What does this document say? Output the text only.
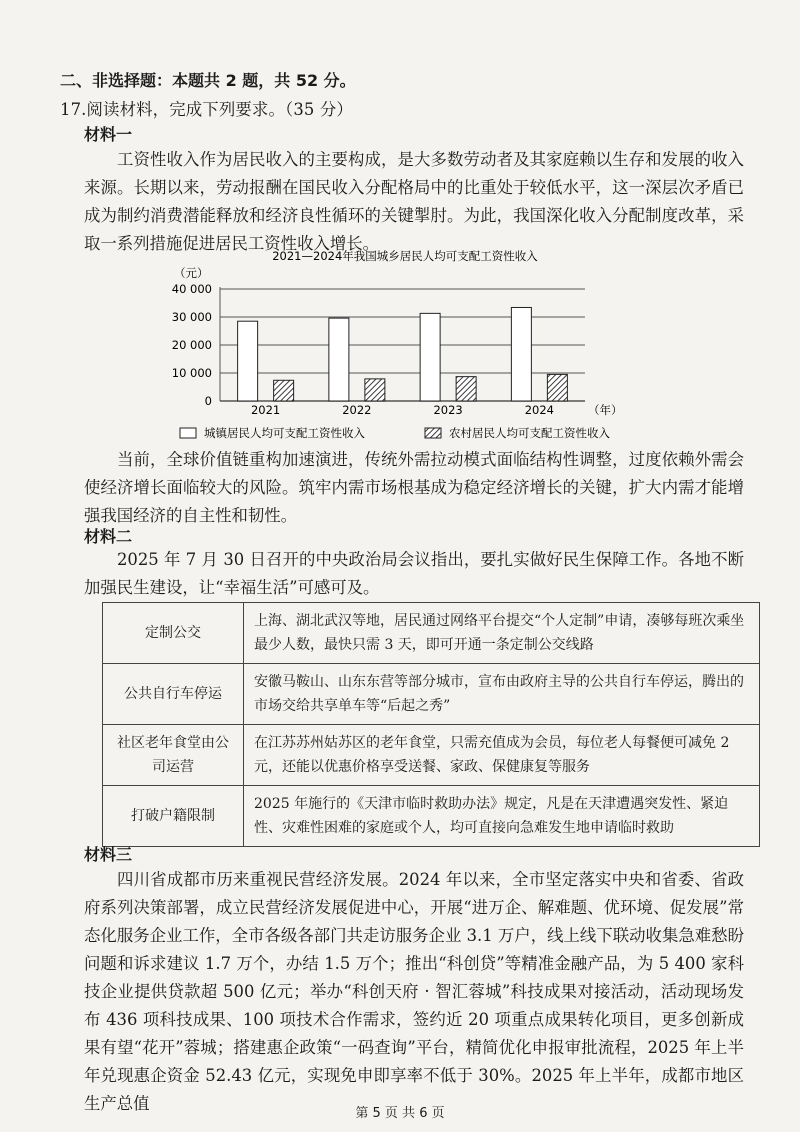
二、非选择题：本题共 2 题，共 52 分。
17.阅读材料，完成下列要求。（35 分）
材料一
工资性收入作为居民收入的主要构成，是大多数劳动者及其家庭赖以生存和发展的收入来源。长期以来，劳动报酬在国民收入分配格局中的比重处于较低水平，这一深层次矛盾已成为制约消费潜能释放和经济良性循环的关键掣肘。为此，我国深化收入分配制度改革，采取一系列措施促进居民工资性收入增长。
2021—2024年我国城乡居民人均可支配工资性收入
（元）
0
10 000
20 000
30 000
40 000
2021	2022	2023	2024	（年）
城镇居民人均可支配工资性收入	农村居民人均可支配工资性收入
当前，全球价值链重构加速演进，传统外需拉动模式面临结构性调整，过度依赖外需会使经济增长面临较大的风险。筑牢内需市场根基成为稳定经济增长的关键，扩大内需才能增强我国经济的自主性和韧性。
材料二
2025 年 7 月 30 日召开的中央政治局会议指出，要扎实做好民生保障工作。各地不断加强民生建设，让“幸福生活”可感可及。
定制公交	上海、湖北武汉等地，居民通过网络平台提交“个人定制”申请，凑够每班次乘坐最少人数，最快只需 3 天，即可开通一条定制公交线路
公共自行车停运	安徽马鞍山、山东东营等部分城市，宣布由政府主导的公共自行车停运，腾出的市场交给共享单车等“后起之秀”
社区老年食堂由公司运营	在江苏苏州姑苏区的老年食堂，只需充值成为会员，每位老人每餐便可减免 2 元，还能以优惠价格享受送餐、家政、保健康复等服务
打破户籍限制	2025 年施行的《天津市临时救助办法》规定，凡是在天津遭遇突发性、紧迫性、灾难性困难的家庭或个人，均可直接向急难发生地申请临时救助
材料三
四川省成都市历来重视民营经济发展。2024 年以来，全市坚定落实中央和省委、省政府系列决策部署，成立民营经济发展促进中心，开展“进万企、解难题、优环境、促发展”常态化服务企业工作，全市各级各部门共走访服务企业 3.1 万户，线上线下联动收集急难愁盼问题和诉求建议 1.7 万个，办结 1.5 万个；推出“科创贷”等精准金融产品，为 5 400 家科技企业提供贷款超 500 亿元；举办“科创天府 · 智汇蓉城”科技成果对接活动，活动现场发布 436 项科技成果、100 项技术合作需求，签约近 20 项重点成果转化项目，更多创新成果有望“花开”蓉城；搭建惠企政策“一码查询”平台，精简优化申报审批流程，2025 年上半年兑现惠企资金 52.43 亿元，实现免申即享率不低于 30%。2025 年上半年，成都市地区生产总值
第 5 页 共 6 页
